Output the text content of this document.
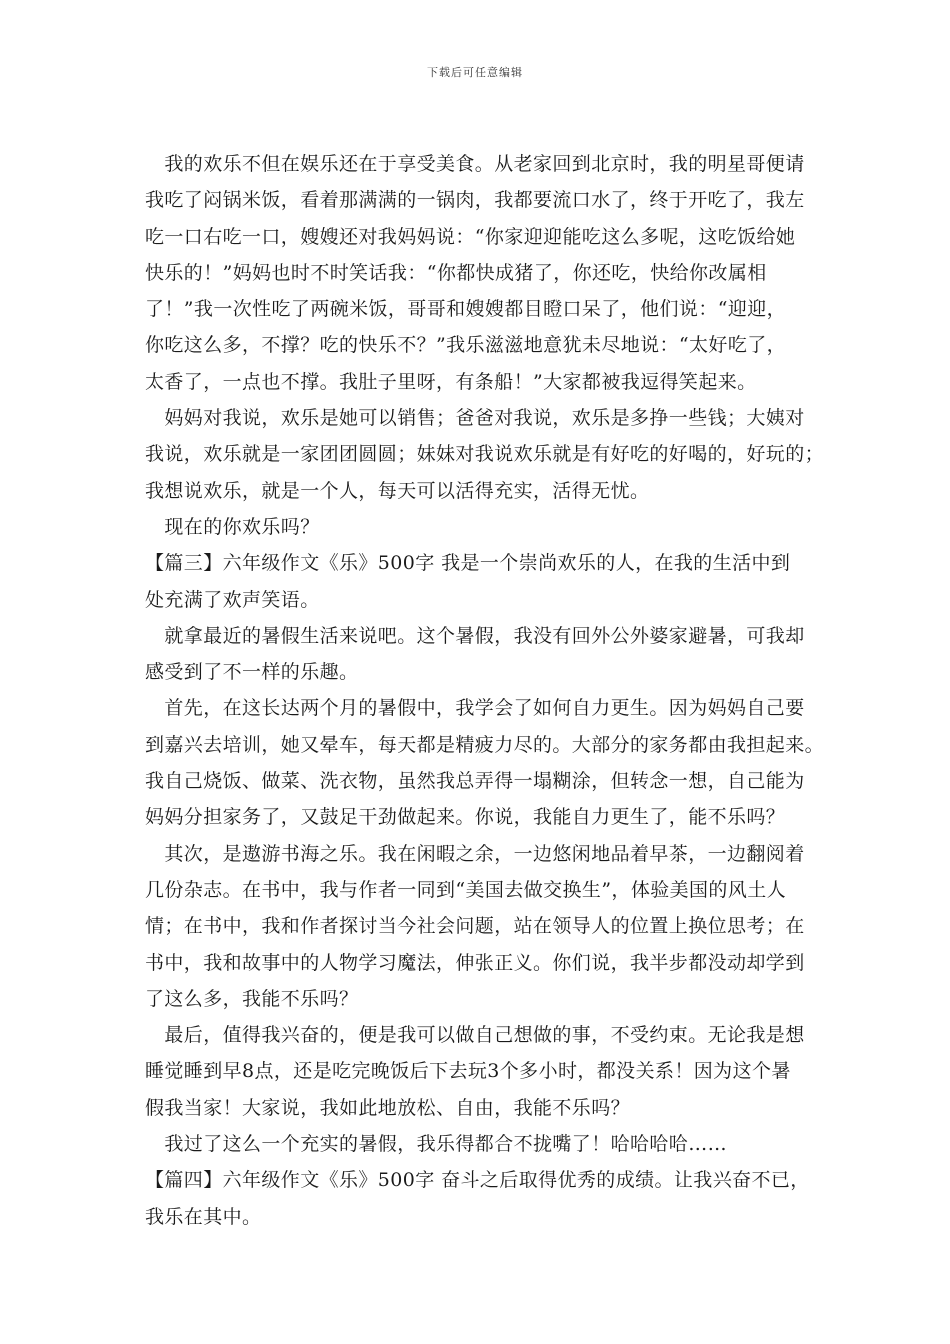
下载后可任意编辑
　我的欢乐不但在娱乐还在于享受美食。从老家回到北京时，我的明星哥便请
我吃了闷锅米饭，看着那满满的一锅肉，我都要流口水了，终于开吃了，我左
吃一口右吃一口，嫂嫂还对我妈妈说：“你家迎迎能吃这么多呢，这吃饭给她
快乐的！”妈妈也时不时笑话我：“你都快成猪了，你还吃，快给你改属相
了！”我一次性吃了两碗米饭，哥哥和嫂嫂都目瞪口呆了，他们说：“迎迎，
你吃这么多，不撑？吃的快乐不？”我乐滋滋地意犹未尽地说：“太好吃了，
太香了，一点也不撑。我肚子里呀，有条船！”大家都被我逗得笑起来。
　妈妈对我说，欢乐是她可以销售；爸爸对我说，欢乐是多挣一些钱；大姨对
我说，欢乐就是一家团团圆圆；妹妹对我说欢乐就是有好吃的好喝的，好玩的；
我想说欢乐，就是一个人，每天可以活得充实，活得无忧。
　现在的你欢乐吗？
【篇三】六年级作文《乐》500字 我是一个崇尚欢乐的人，在我的生活中到
处充满了欢声笑语。
　就拿最近的暑假生活来说吧。这个暑假，我没有回外公外婆家避暑，可我却
感受到了不一样的乐趣。
　首先，在这长达两个月的暑假中，我学会了如何自力更生。因为妈妈自己要
到嘉兴去培训，她又晕车，每天都是精疲力尽的。大部分的家务都由我担起来。
我自己烧饭、做菜、洗衣物，虽然我总弄得一塌糊涂，但转念一想，自己能为
妈妈分担家务了，又鼓足干劲做起来。你说，我能自力更生了，能不乐吗？
　其次，是遨游书海之乐。我在闲暇之余，一边悠闲地品着早茶，一边翻阅着
几份杂志。在书中，我与作者一同到“美国去做交换生”，体验美国的风土人
情；在书中，我和作者探讨当今社会问题，站在领导人的位置上换位思考；在
书中，我和故事中的人物学习魔法，伸张正义。你们说，我半步都没动却学到
了这么多，我能不乐吗？
　最后，值得我兴奋的，便是我可以做自己想做的事，不受约束。无论我是想
睡觉睡到早8点，还是吃完晚饭后下去玩3个多小时，都没关系！因为这个暑
假我当家！大家说，我如此地放松、自由，我能不乐吗？
　我过了这么一个充实的暑假，我乐得都合不拢嘴了！哈哈哈哈……
【篇四】六年级作文《乐》500字 奋斗之后取得优秀的成绩。让我兴奋不已，
我乐在其中。
